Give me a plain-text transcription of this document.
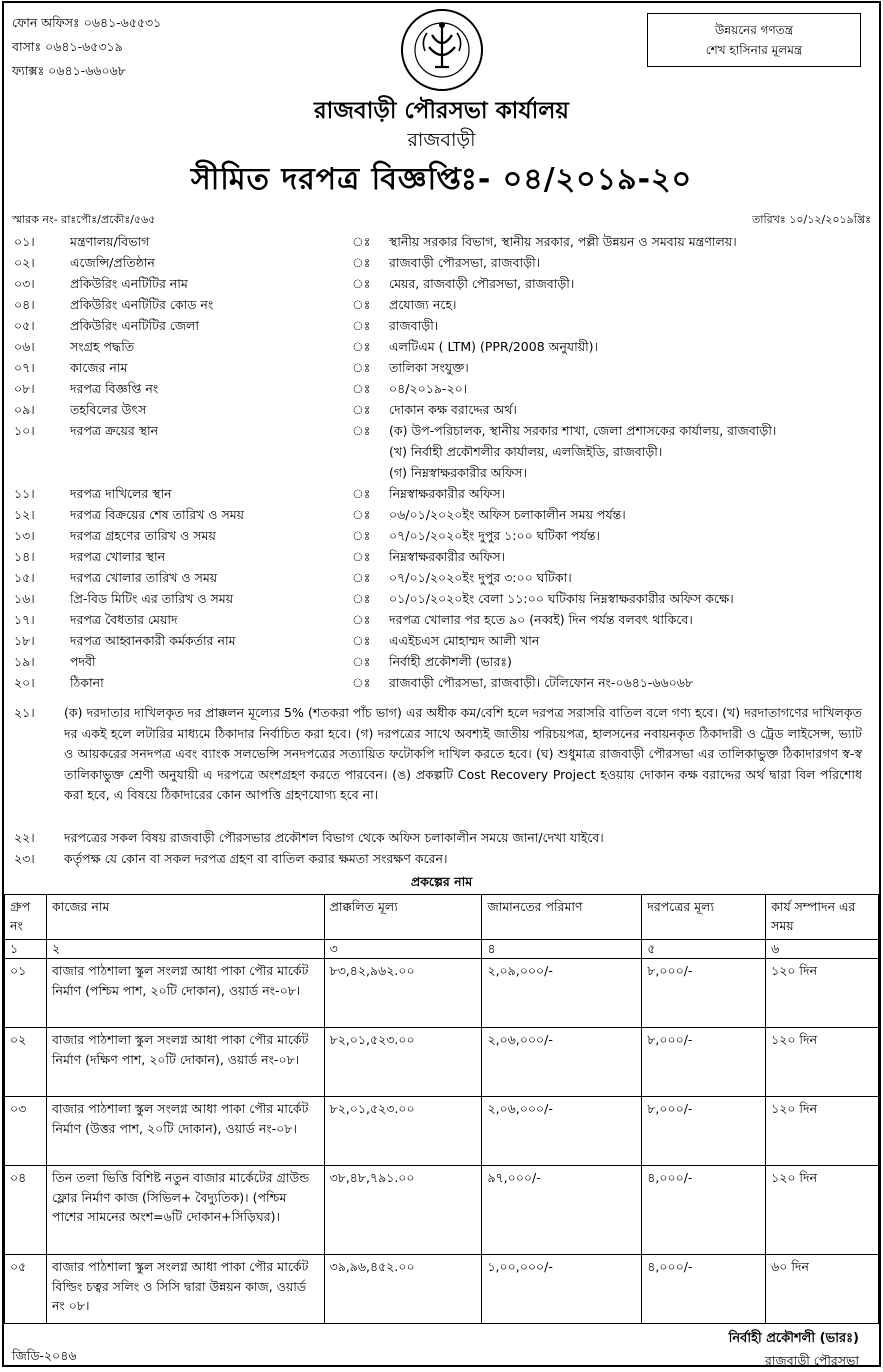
ফোন অফিসঃ ০৬৪১-৬৫৫৩১
বাসাঃ ০৬৪১-৬৫৩১৯
ফ্যাক্সঃ ০৬৪১-৬৬০৬৮
উন্নয়নের গণতন্ত্র
শেখ হাসিনার মূলমন্ত্র
রাজবাড়ী পৌরসভা কার্যালয়
রাজবাড়ী
সীমিত দরপত্র বিজ্ঞপ্তিঃ- ০৪/২০১৯-২০
স্মারক নং- রাঃপৌঃ/প্রকৌঃ/৫৬৫	তারিখঃ ১০/১২/২০১৯খ্রিঃ
০১।	মন্ত্রণালয়/বিভাগ	ঃ স্থানীয় সরকার বিভাগ, স্থানীয় সরকার, পল্লী উন্নয়ন ও সমবায় মন্ত্রণালয়।
০২।	এজেন্সি/প্রতিষ্ঠান	ঃ রাজবাড়ী পৌরসভা, রাজবাড়ী।
০৩।	প্রকিউরিং এনটিটির নাম	ঃ মেয়র, রাজবাড়ী পৌরসভা, রাজবাড়ী।
০৪।	প্রকিউরিং এনটিটির কোড নং	ঃ প্রযোজ্য নহে।
০৫।	প্রকিউরিং এনটিটির জেলা	ঃ রাজবাড়ী।
০৬।	সংগ্রহ পদ্ধতি	ঃ এলটিএম ( LTM) (PPR/2008 অনুযায়ী)।
০৭।	কাজের নাম	ঃ তালিকা সংযুক্ত।
০৮।	দরপত্র বিজ্ঞপ্তি নং	ঃ ০৪/২০১৯-২০।
০৯।	তহবিলের উৎস	ঃ দোকান কক্ষ বরাদ্দের অর্থ।
১০।	দরপত্র ক্রয়ের স্থান	ঃ (ক) উপ-পরিচালক, স্থানীয় সরকার শাখা, জেলা প্রশাসকের কার্যালয়, রাজবাড়ী।
(খ) নির্বাহী প্রকৌশলীর কার্যালয়, এলজিইডি, রাজবাড়ী।
(গ) নিম্নস্বাক্ষরকারীর অফিস।
১১।	দরপত্র দাখিলের স্থান	ঃ নিম্নস্বাক্ষরকারীর অফিস।
১২।	দরপত্র বিক্রয়ের শেষ তারিখ ও সময়	ঃ ০৬/০১/২০২০ইং অফিস চলাকালীন সময় পর্যন্ত।
১৩।	দরপত্র গ্রহণের তারিখ ও সময়	ঃ ০৭/০১/২০২০ইং দুপুর ১:০০ ঘটিকা পর্যন্ত।
১৪।	দরপত্র খোলার স্থান	ঃ নিম্নস্বাক্ষরকারীর অফিস।
১৫।	দরপত্র খোলার তারিখ ও সময়	ঃ ০৭/০১/২০২০ইং দুপুর ৩:০০ ঘটিকা।
১৬।	প্রি-বিড মিটিং এর তারিখ ও সময়	ঃ ০১/০১/২০২০ইং বেলা ১১:০০ ঘটিকায় নিম্নস্বাক্ষরকারীর অফিস কক্ষে।
১৭।	দরপত্র বৈধতার মেয়াদ	ঃ দরপত্র খোলার পর হতে ৯০ (নব্বই) দিন পর্যন্ত বলবৎ থাকিবে।
১৮।	দরপত্র আহ্বানকারী কর্মকর্তার নাম	ঃ এএইচএস মোহাম্মদ আলী খান
১৯।	পদবী	ঃ নির্বাহী প্রকৌশলী (ভারঃ)
২০।	ঠিকানা	ঃ রাজবাড়ী পৌরসভা, রাজবাড়ী। টেলিফোন নং-০৬৪১-৬৬০৬৮
২১।	(ক) দরদাতার দাখিলকৃত দর প্রাক্কলন মূল্যের 5% (শতকরা পাঁচ ভাগ) এর অধীক কম/বেশি হলে দরপত্র সরাসরি বাতিল বলে গণ্য হবে। (খ) দরদাতাগণের দাখিলকৃত দর একই হলে লটারির মাধ্যমে ঠিকাদার নির্বাচিত করা হবে। (গ) দরপত্রের সাথে অবশ্যই জাতীয় পরিচয়পত্র, হালসনের নবায়নকৃত ঠিকাদারী ও ট্রেড লাইসেন্স, ভ্যাট ও আয়করের সনদপত্র এবং ব্যাংক সলভেন্সি সনদপত্রের সত্যায়িত ফটোকপি দাখিল করতে হবে। (ঘ) শুধুমাত্র রাজবাড়ী পৌরসভা এর তালিকাভুক্ত ঠিকাদারগণ স্ব-স্ব তালিকাভুক্ত শ্রেণী অনুযায়ী এ দরপত্রে অংশগ্রহণ করতে পারবেন। (ঙ) প্রকল্পটি Cost Recovery Project হওয়ায় দোকান কক্ষ বরাদ্দের অর্থ দ্বারা বিল পরিশোধ করা হবে, এ বিষয়ে ঠিকাদারের কোন আপত্তি গ্রহণযোগ্য হবে না।
২২।	দরপত্রের সকল বিষয় রাজবাড়ী পৌরসভার প্রকৌশল বিভাগ থেকে অফিস চলাকালীন সময়ে জানা/দেখা যাইবে।
২৩।	কর্তৃপক্ষ যে কোন বা সকল দরপত্র গ্রহণ বা বাতিল করার ক্ষমতা সংরক্ষণ করেন।
প্রকল্পের নাম
গ্রুপ নং	কাজের নাম	প্রাক্কলিত মূল্য	জামানতের পরিমাণ	দরপত্রের মূল্য	কার্য সম্পাদন এর সময়
১	২	৩	৪	৫	৬
০১	বাজার পাঠশালা স্কুল সংলগ্ন আধা পাকা পৌর মার্কেট নির্মাণ (পশ্চিম পাশ, ২০টি দোকান), ওয়ার্ড নং-০৮।	৮৩,৪২,৯৬২.০০	২,০৯,০০০/-	৮,০০০/-	১২০ দিন
০২	বাজার পাঠশালা স্কুল সংলগ্ন আধা পাকা পৌর মার্কেট নির্মাণ (দক্ষিণ পাশ, ২০টি দোকান), ওয়ার্ড নং-০৮।	৮২,০১,৫২৩.০০	২,০৬,০০০/-	৮,০০০/-	১২০ দিন
০৩	বাজার পাঠশালা স্কুল সংলগ্ন আধা পাকা পৌর মার্কেট নির্মাণ (উত্তর পাশ, ২০টি দোকান), ওয়ার্ড নং-০৮।	৮২,০১,৫২৩.০০	২,০৬,০০০/-	৮,০০০/-	১২০ দিন
০৪	তিন তলা ভিত্তি বিশিষ্ট নতুন বাজার মার্কেটের গ্রাউন্ড ফ্লোর নির্মাণ কাজ (সিভিল+ বৈদ্যুতিক)। (পশ্চিম পাশের সামনের অংশ=৬টি দোকান+সিড়িঘর)।	৩৮,৪৮,৭৯১.০০	৯৭,০০০/-	৪,০০০/-	১২০ দিন
০৫	বাজার পাঠশালা স্কুল সংলগ্ন আধা পাকা পৌর মার্কেট বিল্ডিং চত্বর সলিং ও সিসি দ্বারা উন্নয়ন কাজ, ওয়ার্ড নং ০৮।	৩৯,৯৬,৪৫২.০০	১,০০,০০০/-	৪,০০০/-	৬০ দিন
নির্বাহী প্রকৌশলী (ভারঃ)
রাজবাড়ী পৌরসভা
জিডি-২০৪৬
